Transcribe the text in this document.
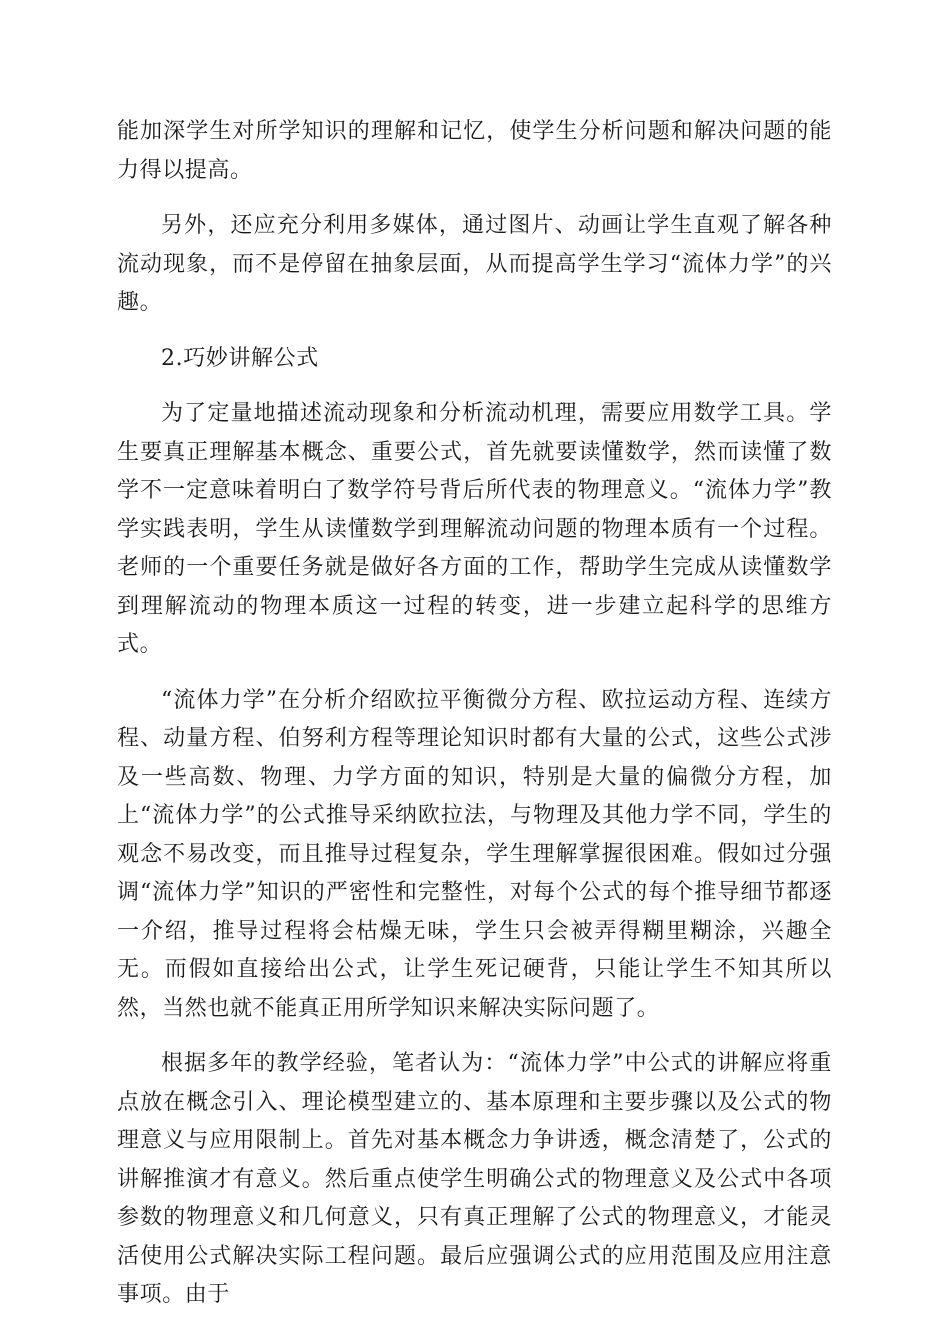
能加深学生对所学知识的理解和记忆，使学生分析问题和解决问题的能力得以提高。

另外，还应充分利用多媒体，通过图片、动画让学生直观了解各种流动现象，而不是停留在抽象层面，从而提高学生学习“流体力学”的兴趣。

2.巧妙讲解公式

为了定量地描述流动现象和分析流动机理，需要应用数学工具。学生要真正理解基本概念、重要公式，首先就要读懂数学，然而读懂了数学不一定意味着明白了数学符号背后所代表的物理意义。“流体力学”教学实践表明，学生从读懂数学到理解流动问题的物理本质有一个过程。老师的一个重要任务就是做好各方面的工作，帮助学生完成从读懂数学到理解流动的物理本质这一过程的转变，进一步建立起科学的思维方式。

“流体力学”在分析介绍欧拉平衡微分方程、欧拉运动方程、连续方程、动量方程、伯努利方程等理论知识时都有大量的公式，这些公式涉及一些高数、物理、力学方面的知识，特别是大量的偏微分方程，加上“流体力学”的公式推导采纳欧拉法，与物理及其他力学不同，学生的观念不易改变，而且推导过程复杂，学生理解掌握很困难。假如过分强调“流体力学”知识的严密性和完整性，对每个公式的每个推导细节都逐一介绍，推导过程将会枯燥无味，学生只会被弄得糊里糊涂，兴趣全无。而假如直接给出公式，让学生死记硬背，只能让学生不知其所以然，当然也就不能真正用所学知识来解决实际问题了。

根据多年的教学经验，笔者认为：“流体力学”中公式的讲解应将重点放在概念引入、理论模型建立的、基本原理和主要步骤以及公式的物理意义与应用限制上。首先对基本概念力争讲透，概念清楚了，公式的讲解推演才有意义。然后重点使学生明确公式的物理意义及公式中各项参数的物理意义和几何意义，只有真正理解了公式的物理意义，才能灵活使用公式解决实际工程问题。最后应强调公式的应用范围及应用注意事项。由于
